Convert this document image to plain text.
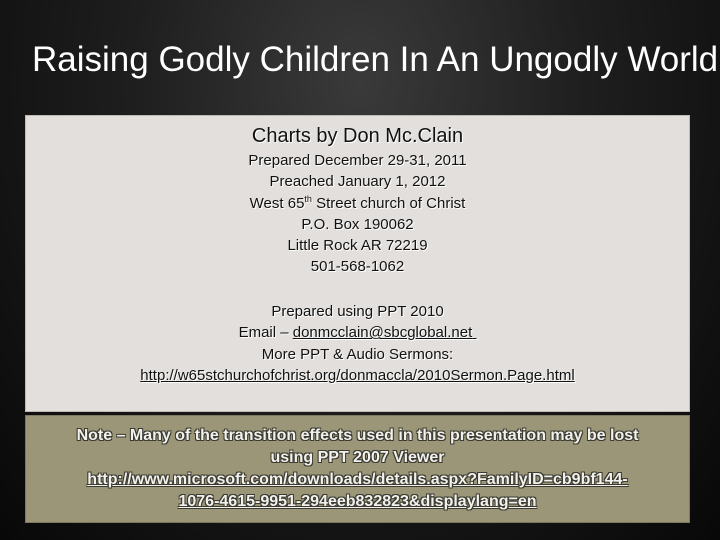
Raising Godly Children In An Ungodly World
Charts by Don Mc.Clain
Prepared December 29-31, 2011
Preached January 1, 2012
West 65th Street church of Christ
P.O. Box 190062
Little Rock AR 72219
501-568-1062
Prepared using PPT 2010
Email – donmcclain@sbcglobal.net
More PPT & Audio Sermons:
http://w65stchurchofchrist.org/donmaccla/2010Sermon.Page.html
Note – Many of the transition effects used in this presentation may be lost
using PPT 2007 Viewer
http://www.microsoft.com/downloads/details.aspx?FamilyID=cb9bf144-
1076-4615-9951-294eeb832823&displaylang=en
